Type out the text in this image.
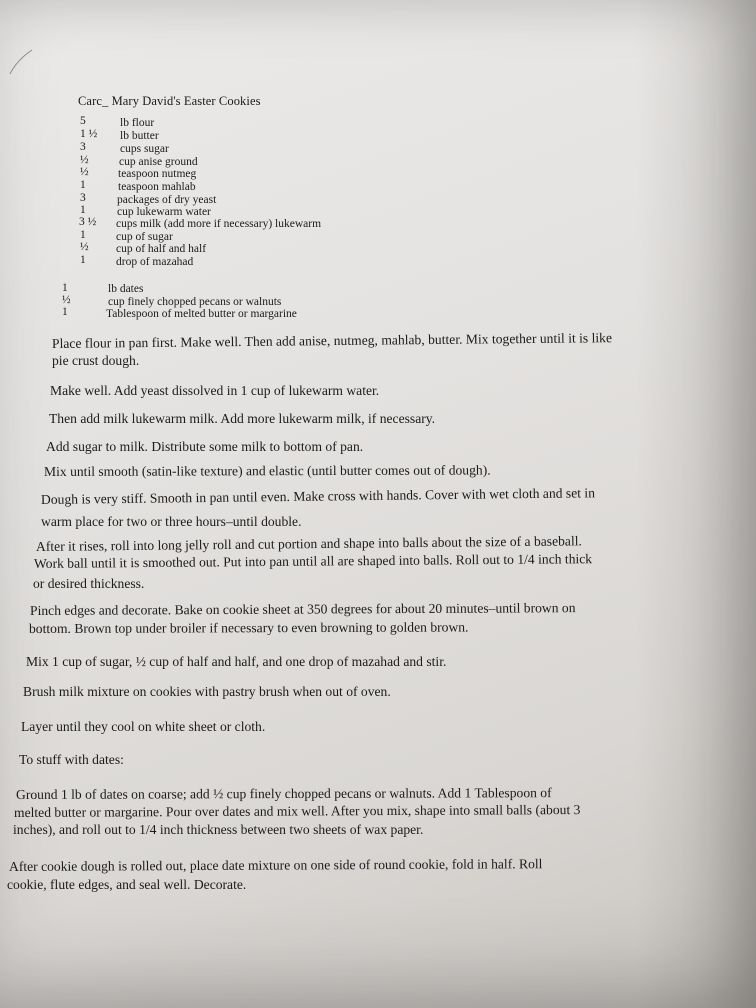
Carc_ Mary David's Easter Cookies
5	lb flour
1 ½ lb butter
3	cups sugar
½	cup anise ground
½	teaspoon nutmeg
1	teaspoon mahlab
3	packages of dry yeast
1	cup lukewarm water
3 ½ cups milk (add more if necessary) lukewarm
1	cup of sugar
½ cup of half and half
1	drop of mazahad
1	lb dates
½	cup finely chopped pecans or walnuts
1	Tablespoon of melted butter or margarine
Place flour in pan first. Make well. Then add anise, nutmeg, mahlab, butter. Mix together until it is like
pie crust dough.
Make well. Add yeast dissolved in 1 cup of lukewarm water.
Then add milk lukewarm milk. Add more lukewarm milk, if necessary.
Add sugar to milk. Distribute some milk to bottom of pan.
Mix until smooth (satin-like texture) and elastic (until butter comes out of dough).
Dough is very stiff. Smooth in pan until even. Make cross with hands. Cover with wet cloth and set in
warm place for two or three hours–until double.
After it rises, roll into long jelly roll and cut portion and shape into balls about the size of a baseball.
Work ball until it is smoothed out. Put into pan until all are shaped into balls. Roll out to 1/4 inch thick
or desired thickness.
Pinch edges and decorate. Bake on cookie sheet at 350 degrees for about 20 minutes–until brown on
bottom. Brown top under broiler if necessary to even browning to golden brown.
Mix 1 cup of sugar, ½ cup of half and half, and one drop of mazahad and stir.
Brush milk mixture on cookies with pastry brush when out of oven.
Layer until they cool on white sheet or cloth.
To stuff with dates:
Ground 1 lb of dates on coarse; add ½ cup finely chopped pecans or walnuts. Add 1 Tablespoon of
melted butter or margarine. Pour over dates and mix well. After you mix, shape into small balls (about 3
inches), and roll out to 1/4 inch thickness between two sheets of wax paper.
After cookie dough is rolled out, place date mixture on one side of round cookie, fold in half. Roll
cookie, flute edges, and seal well. Decorate.
